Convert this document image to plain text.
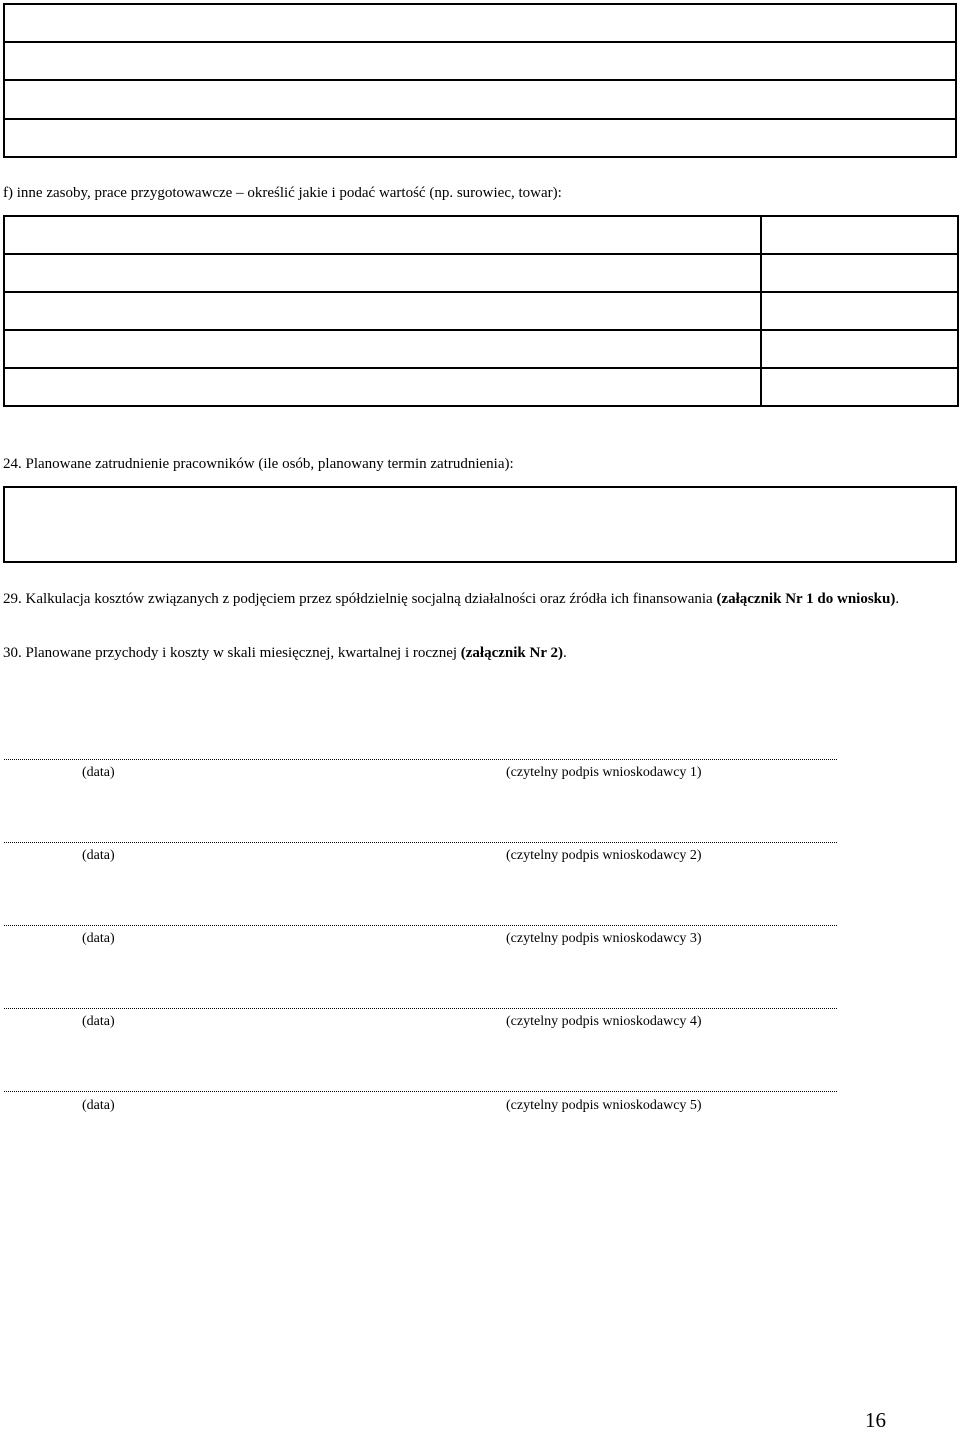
f) inne zasoby, prace przygotowawcze – określić jakie i podać wartość (np. surowiec, towar):

24. Planowane zatrudnienie pracowników (ile osób, planowany termin zatrudnienia):
29. Kalkulacja kosztów związanych z podjęciem przez spółdzielnię socjalną działalności oraz źródła ich finansowania (załącznik Nr 1 do wniosku).
30. Planowane przychody i koszty w skali miesięcznej, kwartalnej i rocznej (załącznik Nr 2).
(data)	(czytelny podpis wnioskodawcy 1)
(data)	(czytelny podpis wnioskodawcy 2)
(data)	(czytelny podpis wnioskodawcy 3)
(data)	(czytelny podpis wnioskodawcy 4)
(data)	(czytelny podpis wnioskodawcy 5)
16
